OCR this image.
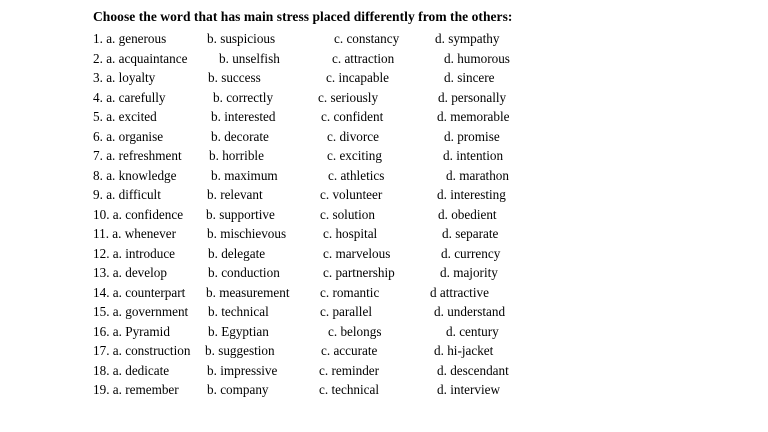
Choose the word that has main stress placed differently from the others:
1. a. generous	b. suspicious	c. constancy	d. sympathy
2. a. acquaintance b. unselfish	c. attraction	d. humorous
3. a. loyalty	b. success	c. incapable	d. sincere
4. a. carefully	b. correctly	c. seriously	d. personally
5. a. excited	b. interested	c. confident	d. memorable
6. a. organise	b. decorate	c. divorce	d. promise
7. a. refreshment b. horrible	c. exciting	d. intention
8. a. knowledge	b. maximum	c. athletics	d. marathon
9. a. difficult	b. relevant	c. volunteer	d. interesting
10. a. confidence b. supportive	c. solution	d. obedient
11. a. whenever b. mischievous	c. hospital	d. separate
12. a. introduce b. delegate	c. marvelous	d. currency
13. a. develop	b. conduction	c. partnership	d. majority
14. a. counterpart b. measurement c. romantic	d attractive
15. a. government b. technical	c. parallel	d. understand
16. a. Pyramid	b. Egyptian	c. belongs	d. century
17. a. construction b. suggestion	c. accurate	d. hi-jacket
18. a. dedicate	b. impressive	c. reminder	d. descendant
19. a. remember b. company	c. technical	d. interview
